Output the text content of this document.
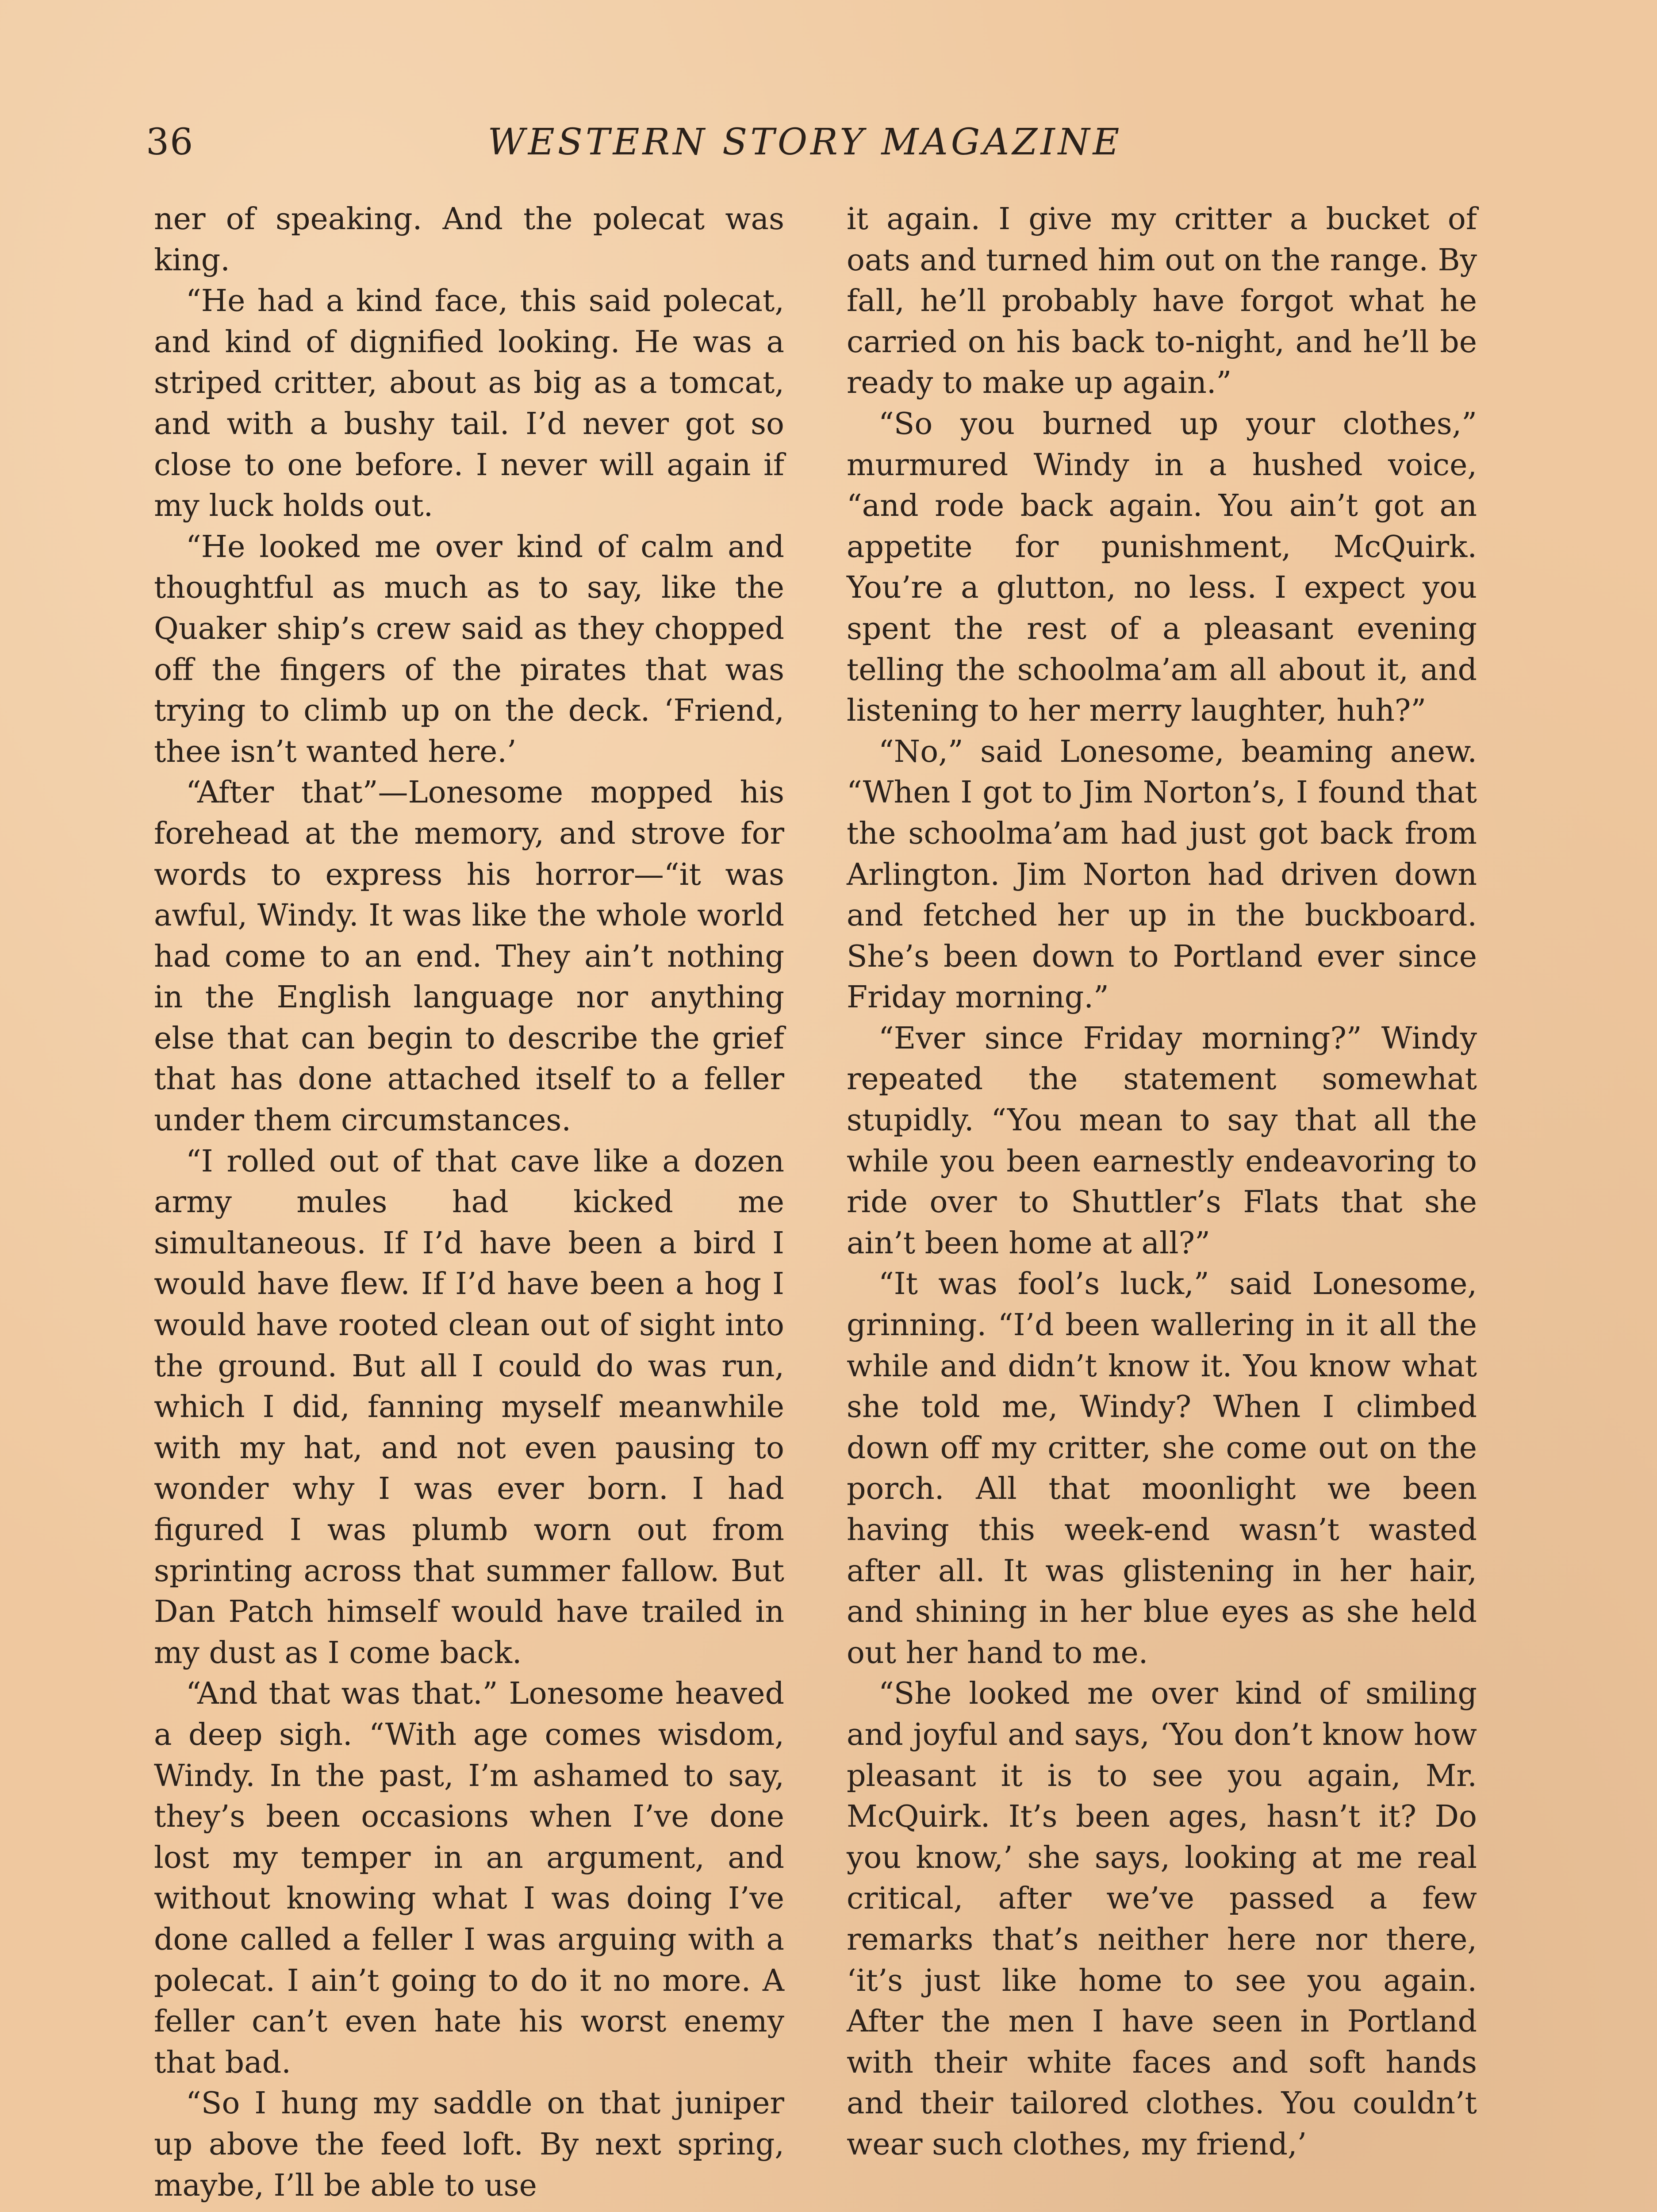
36	WESTERN STORY MAGAZINE

ner of speaking. And the polecat was king.

“He had a kind face, this said polecat, and kind of dignified looking. He was a striped critter, about as big as a tomcat, and with a bushy tail. I’d never got so close to one before. I never will again if my luck holds out.

“He looked me over kind of calm and thoughtful as much as to say, like the Quaker ship’s crew said as they chopped off the fingers of the pirates that was trying to climb up on the deck. ‘Friend, thee isn’t wanted here.’

“After that”—Lonesome mopped his forehead at the memory, and strove for words to express his horror—“it was awful, Windy. It was like the whole world had come to an end. They ain’t nothing in the English language nor anything else that can begin to describe the grief that has done attached itself to a feller under them circumstances.

“I rolled out of that cave like a dozen army mules had kicked me simultaneous. If I’d have been a bird I would have flew. If I’d have been a hog I would have rooted clean out of sight into the ground. But all I could do was run, which I did, fanning myself meanwhile with my hat, and not even pausing to wonder why I was ever born. I had figured I was plumb worn out from sprinting across that summer fallow. But Dan Patch himself would have trailed in my dust as I come back.

“And that was that.” Lonesome heaved a deep sigh. “With age comes wisdom, Windy. In the past, I’m ashamed to say, they’s been occasions when I’ve done lost my temper in an argument, and without knowing what I was doing I’ve done called a feller I was arguing with a polecat. I ain’t going to do it no more. A feller can’t even hate his worst enemy that bad.

“So I hung my saddle on that juniper up above the feed loft. By next spring, maybe, I’ll be able to use

it again. I give my critter a bucket of oats and turned him out on the range. By fall, he’ll probably have forgot what he carried on his back to-night, and he’ll be ready to make up again.”

“So you burned up your clothes,” murmured Windy in a hushed voice, “and rode back again. You ain’t got an appetite for punishment, McQuirk. You’re a glutton, no less. I expect you spent the rest of a pleasant evening telling the schoolma’am all about it, and listening to her merry laughter, huh?”

“No,” said Lonesome, beaming anew. “When I got to Jim Norton’s, I found that the schoolma’am had just got back from Arlington. Jim Norton had driven down and fetched her up in the buckboard. She’s been down to Portland ever since Friday morning.”

“Ever since Friday morning?” Windy repeated the statement somewhat stupidly. “You mean to say that all the while you been earnestly endeavoring to ride over to Shuttler’s Flats that she ain’t been home at all?”

“It was fool’s luck,” said Lonesome, grinning. “I’d been wallering in it all the while and didn’t know it. You know what she told me, Windy? When I climbed down off my critter, she come out on the porch. All that moonlight we been having this week-end wasn’t wasted after all. It was glistening in her hair, and shining in her blue eyes as she held out her hand to me.

“She looked me over kind of smiling and joyful and says, ‘You don’t know how pleasant it is to see you again, Mr. McQuirk. It’s been ages, hasn’t it? Do you know,’ she says, looking at me real critical, after we’ve passed a few remarks that’s neither here nor there, ‘it’s just like home to see you again. After the men I have seen in Portland with their white faces and soft hands and their tailored clothes. You couldn’t wear such clothes, my friend,’
